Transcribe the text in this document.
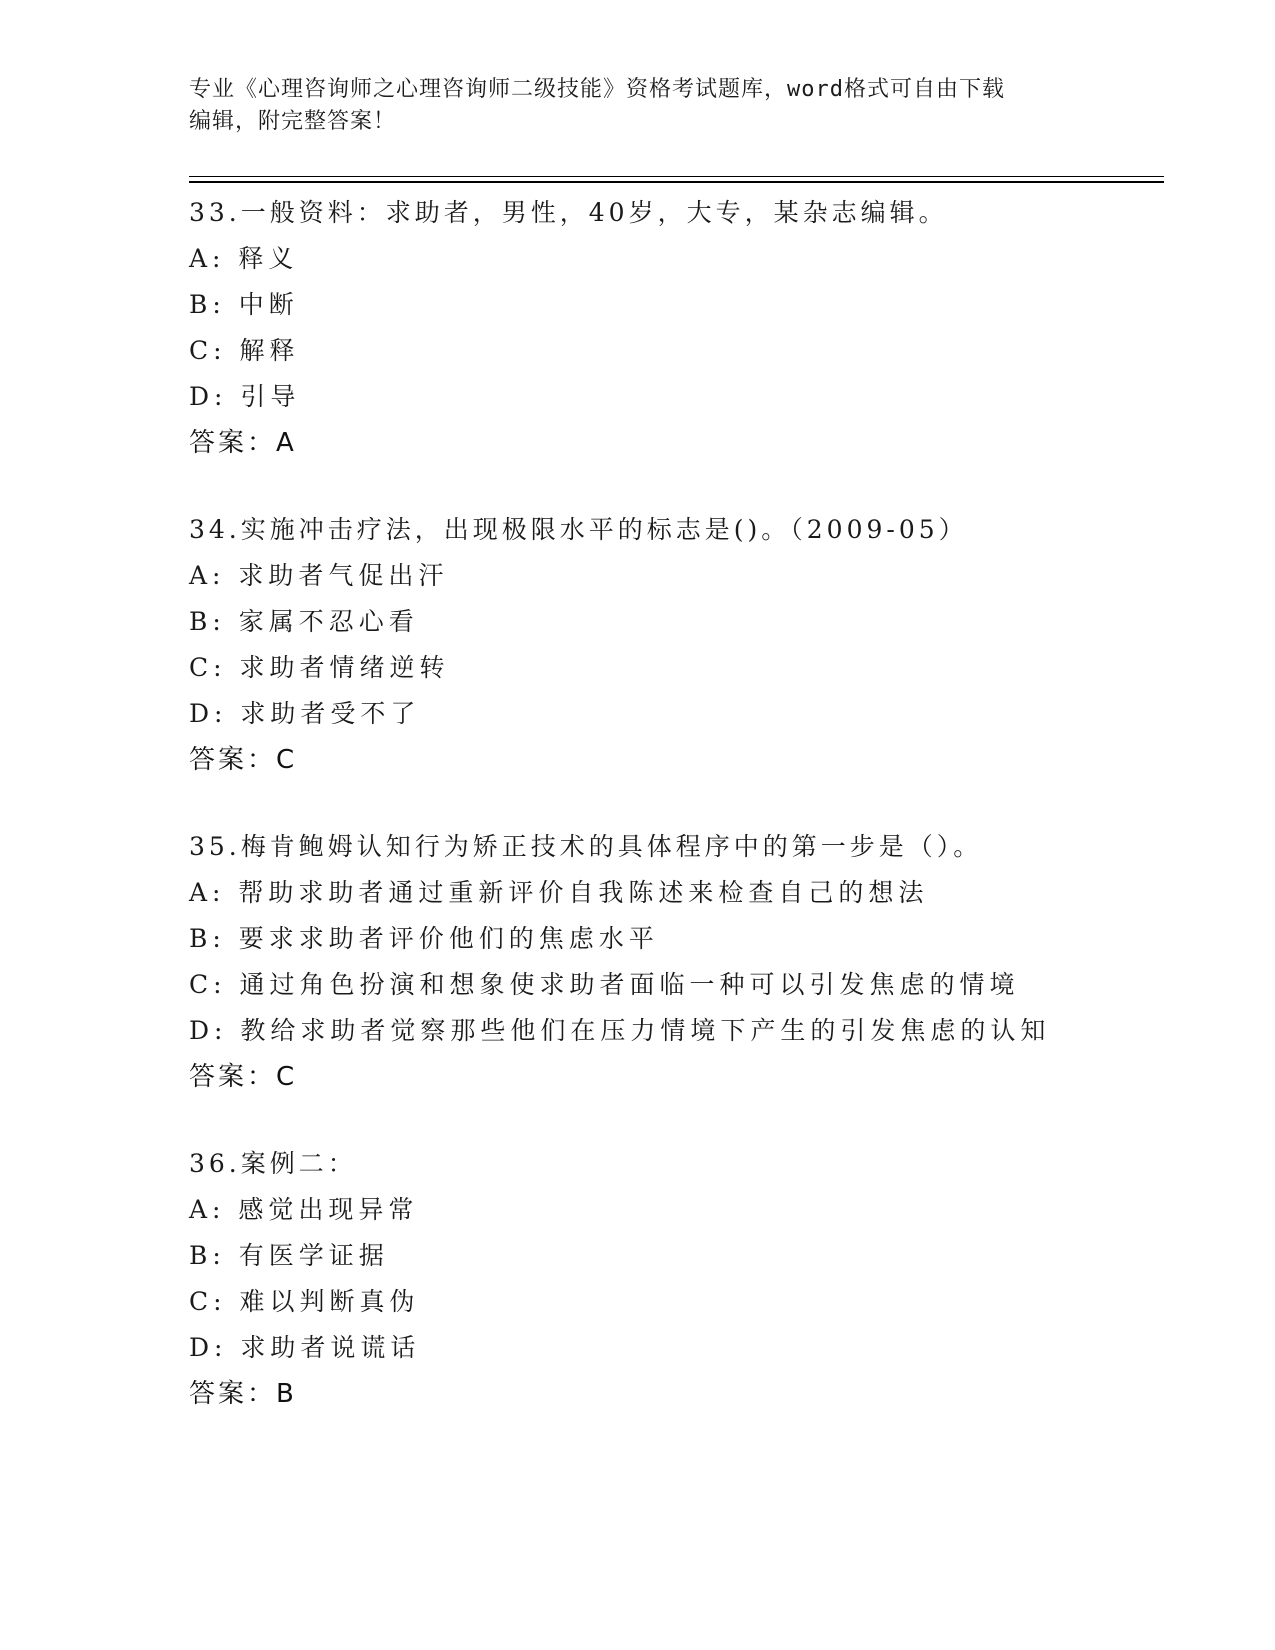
专业《心理咨询师之心理咨询师二级技能》资格考试题库，word格式可自由下载
编辑，附完整答案！
33.一般资料：求助者，男性，40岁，大专，某杂志编辑。
A: 释义
B: 中断
C: 解释
D: 引导
答案：A
34.实施冲击疗法，出现极限水平的标志是()。（2009-05）
A: 求助者气促出汗
B: 家属不忍心看
C: 求助者情绪逆转
D: 求助者受不了
答案：C
35.梅肯鲍姆认知行为矫正技术的具体程序中的第一步是（）。
A: 帮助求助者通过重新评价自我陈述来检查自己的想法
B: 要求求助者评价他们的焦虑水平
C: 通过角色扮演和想象使求助者面临一种可以引发焦虑的情境
D: 教给求助者觉察那些他们在压力情境下产生的引发焦虑的认知
答案：C
36.案例二：
A: 感觉出现异常
B: 有医学证据
C: 难以判断真伪
D: 求助者说谎话
答案：B
